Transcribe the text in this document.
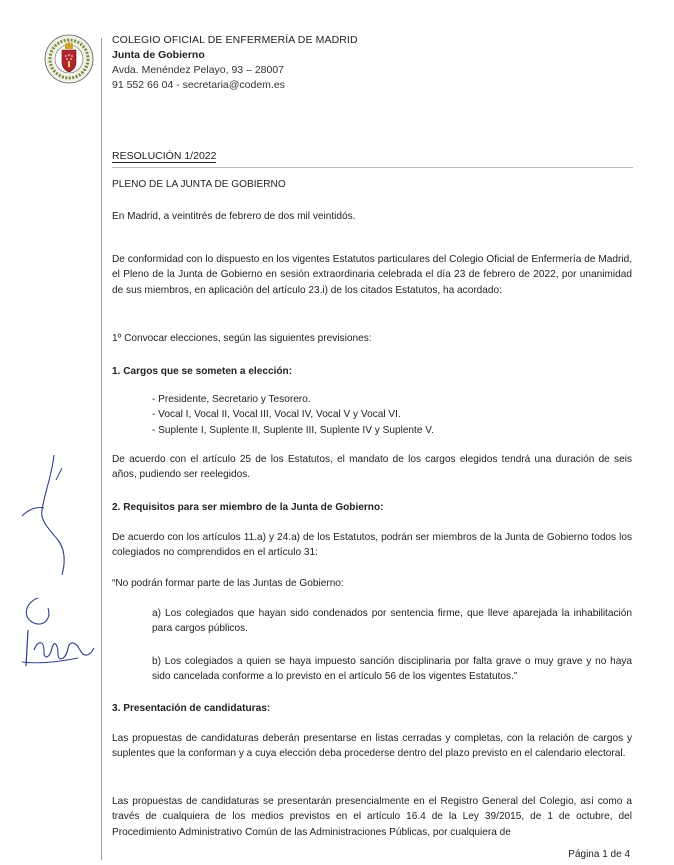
COLEGIO OFICIAL DE ENFERMERÍA DE MADRID
Junta de Gobierno
Avda. Menéndez Pelayo, 93 – 28007
91 552 66 04 - secretaria@codem.es
RESOLUCIÓN 1/2022

PLENO DE LA JUNTA DE GOBIERNO

En Madrid, a veintitrés de febrero de dos mil veintidós.

De conformidad con lo dispuesto en los vigentes Estatutos particulares del Colegio Oficial de Enfermería de Madrid, el Pleno de la Junta de Gobierno en sesión extraordinaria celebrada el día 23 de febrero de 2022, por unanimidad de sus miembros, en aplicación del artículo 23.i) de los citados Estatutos, ha acordado:

1º Convocar elecciones, según las siguientes previsiones:

1. Cargos que se someten a elección:

- Presidente, Secretario y Tesorero.
- Vocal I, Vocal II, Vocal III, Vocal IV, Vocal V y Vocal VI.
- Suplente I, Suplente II, Suplente III, Suplente IV y Suplente V.

De acuerdo con el artículo 25 de los Estatutos, el mandato de los cargos elegidos tendrá una duración de seis años, pudiendo ser reelegidos.

2. Requisitos para ser miembro de la Junta de Gobierno:

De acuerdo con los artículos 11.a) y 24.a) de los Estatutos, podrán ser miembros de la Junta de Gobierno todos los colegiados no comprendidos en el artículo 31:

“No podrán formar parte de las Juntas de Gobierno:

a) Los colegiados que hayan sido condenados por sentencia firme, que lleve aparejada la inhabilitación para cargos públicos.

b) Los colegiados a quien se haya impuesto sanción disciplinaria por falta grave o muy grave y no haya sido cancelada conforme a lo previsto en el artículo 56 de los vigentes Estatutos.”

3. Presentación de candidaturas:

Las propuestas de candidaturas deberán presentarse en listas cerradas y completas, con la relación de cargos y suplentes que la conforman y a cuya elección deba procederse dentro del plazo previsto en el calendario electoral.

Las propuestas de candidaturas se presentarán presencialmente en el Registro General del Colegio, así como a través de cualquiera de los medios previstos en el artículo 16.4 de la Ley 39/2015, de 1 de octubre, del Procedimiento Administrativo Común de las Administraciones Públicas, por cualquiera de

Página 1 de 4
